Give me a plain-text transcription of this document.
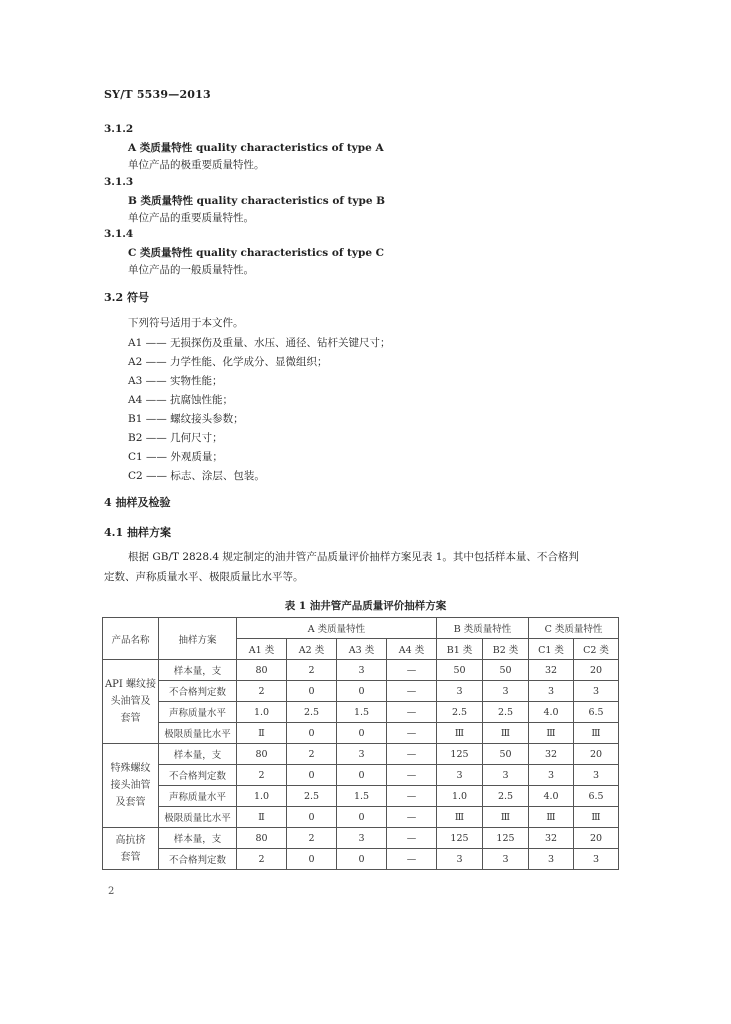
SY/T 5539—2013
3.1.2
A 类质量特性 quality characteristics of type A
单位产品的极重要质量特性。
3.1.3
B 类质量特性 quality characteristics of type B
单位产品的重要质量特性。
3.1.4
C 类质量特性 quality characteristics of type C
单位产品的一般质量特性。
3.2 符号
下列符号适用于本文件。
A1 —— 无损探伤及重量、水压、通径、钻杆关键尺寸；
A2 —— 力学性能、化学成分、显微组织；
A3 —— 实物性能；
A4 —— 抗腐蚀性能；
B1 —— 螺纹接头参数；
B2 —— 几何尺寸；
C1 —— 外观质量；
C2 —— 标志、涂层、包装。
4 抽样及检验
4.1 抽样方案
根据 GB/T 2828.4 规定制定的油井管产品质量评价抽样方案见表 1。其中包括样本量、不合格判
定数、声称质量水平、极限质量比水平等。
表 1 油井管产品质量评价抽样方案
产品名称	抽样方案	A 类质量特性				B 类质量特性		C 类质量特性	
		A1 类	A2 类	A3 类	A4 类	B1 类	B2 类	C1 类	C2 类

API 螺纹接
头油管及
套管	样本量，支	80	2	3	—	50	50	32	20
	不合格判定数	2	0	0	—	3	3	3	3
	声称质量水平	1.0	2.5	1.5	—	2.5	2.5	4.0	6.5
	极限质量比水平	Ⅱ	0	0	—	Ⅲ	Ⅲ	Ⅲ	Ⅲ

特殊螺纹
接头油管
及套管	样本量，支	80	2	3	—	125	50	32	20
	不合格判定数	2	0	0	—	3	3	3	3
	声称质量水平	1.0	2.5	1.5	—	1.0	2.5	4.0	6.5
	极限质量比水平	Ⅱ	0	0	—	Ⅲ	Ⅲ	Ⅲ	Ⅲ

高抗挤
套管	样本量，支	80	2	3	—	125	125	32	20
	不合格判定数	2	0	0	—	3	3	3	3
2
